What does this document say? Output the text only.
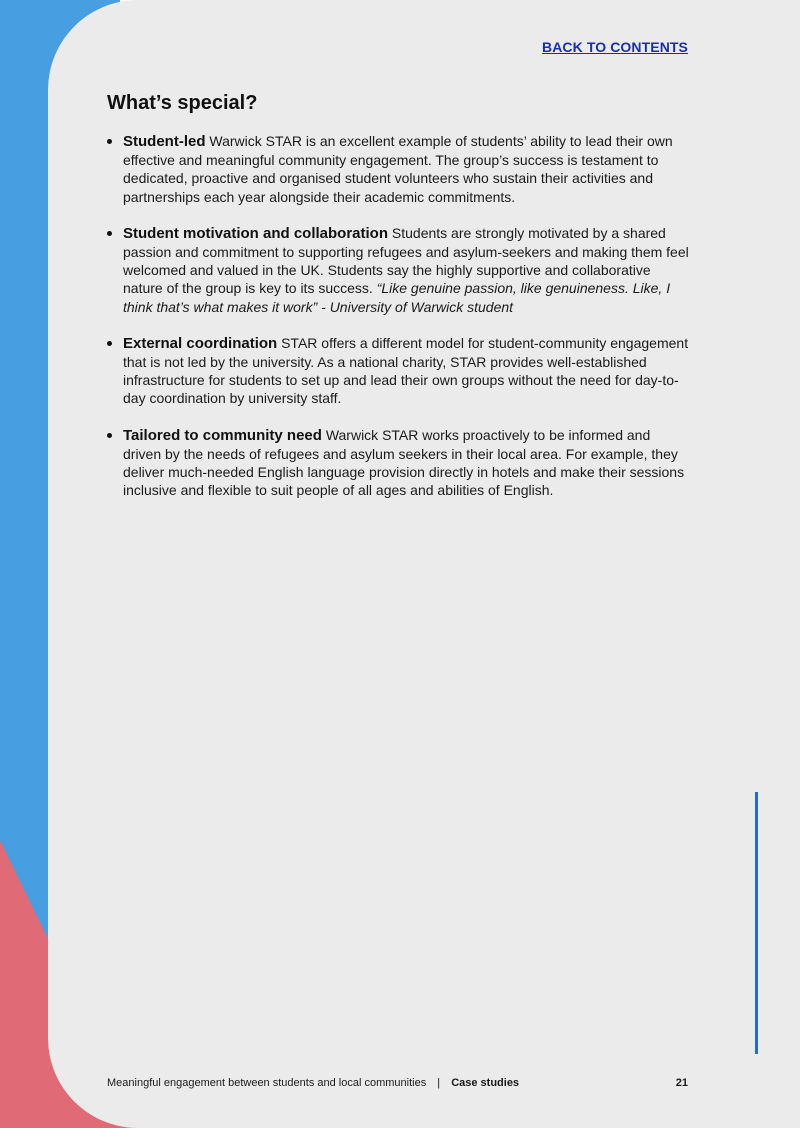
BACK TO CONTENTS
What’s special?
Student-led Warwick STAR is an excellent example of students’ ability to lead their own effective and meaningful community engagement. The group’s success is testament to dedicated, proactive and organised student volunteers who sustain their activities and partnerships each year alongside their academic commitments.
Student motivation and collaboration Students are strongly motivated by a shared passion and commitment to supporting refugees and asylum-seekers and making them feel welcomed and valued in the UK. Students say the highly supportive and collaborative nature of the group is key to its success. “Like genuine passion, like genuineness. Like, I think that’s what makes it work” - University of Warwick student
External coordination STAR offers a different model for student-community engagement that is not led by the university. As a national charity, STAR provides well-established infrastructure for students to set up and lead their own groups without the need for day-to-day coordination by university staff.
Tailored to community need Warwick STAR works proactively to be informed and driven by the needs of refugees and asylum seekers in their local area. For example, they deliver much-needed English language provision directly in hotels and make their sessions inclusive and flexible to suit people of all ages and abilities of English.
Meaningful engagement between students and local communities | Case studies	21
